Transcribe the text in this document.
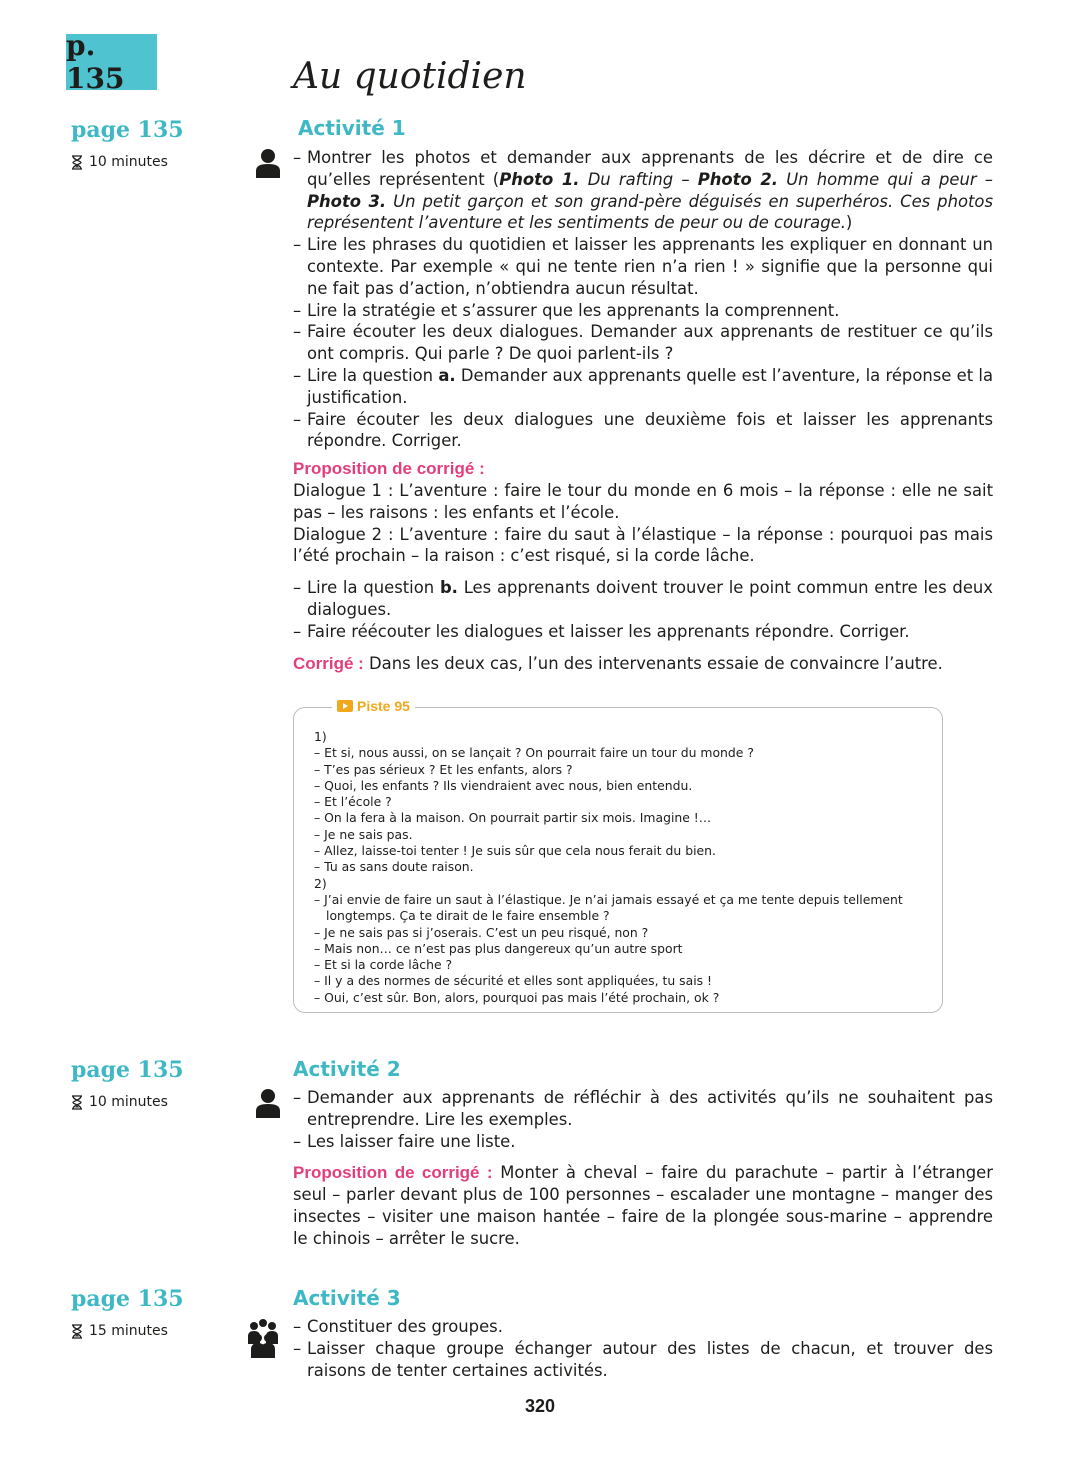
p. 135	Au quotidien
page 135
10 minutes
Activité 1
– Montrer les photos et demander aux apprenants de les décrire et de dire ce qu’elles représentent (Photo 1. Du rafting – Photo 2. Un homme qui a peur – Photo 3. Un petit garçon et son grand-père déguisés en superhéros. Ces photos représentent l’aventure et les sentiments de peur ou de courage.)
– Lire les phrases du quotidien et laisser les apprenants les expliquer en donnant un contexte. Par exemple « qui ne tente rien n’a rien ! » signifie que la personne qui ne fait pas d’action, n’obtiendra aucun résultat.
– Lire la stratégie et s’assurer que les apprenants la comprennent.
– Faire écouter les deux dialogues. Demander aux apprenants de restituer ce qu’ils ont compris. Qui parle ? De quoi parlent-ils ?
– Lire la question a. Demander aux apprenants quelle est l’aventure, la réponse et la justification.
– Faire écouter les deux dialogues une deuxième fois et laisser les apprenants répondre. Corriger.

Proposition de corrigé :

Dialogue 1 : L’aventure : faire le tour du monde en 6 mois – la réponse : elle ne sait pas – les raisons : les enfants et l’école.

Dialogue 2 : L’aventure : faire du saut à l’élastique – la réponse : pourquoi pas mais l’été prochain – la raison : c’est risqué, si la corde lâche.

– Lire la question b. Les apprenants doivent trouver le point commun entre les deux dialogues.
– Faire réécouter les dialogues et laisser les apprenants répondre. Corriger.

Corrigé : Dans les deux cas, l’un des intervenants essaie de convaincre l’autre.

Piste 95
1)
– Et si, nous aussi, on se lançait ? On pourrait faire un tour du monde ?
– T’es pas sérieux ? Et les enfants, alors ?
– Quoi, les enfants ? Ils viendraient avec nous, bien entendu.
– Et l’école ?
– On la fera à la maison. On pourrait partir six mois. Imagine !…
– Je ne sais pas.
– Allez, laisse-toi tenter ! Je suis sûr que cela nous ferait du bien.
– Tu as sans doute raison.
2)
– J’ai envie de faire un saut à l’élastique. Je n’ai jamais essayé et ça me tente depuis tellement longtemps. Ça te dirait de le faire ensemble ?
– Je ne sais pas si j’oserais. C’est un peu risqué, non ?
– Mais non… ce n’est pas plus dangereux qu’un autre sport
– Et si la corde lâche ?
– Il y a des normes de sécurité et elles sont appliquées, tu sais !
– Oui, c’est sûr. Bon, alors, pourquoi pas mais l’été prochain, ok ?
page 135
10 minutes
Activité 2
– Demander aux apprenants de réfléchir à des activités qu’ils ne souhaitent pas entreprendre. Lire les exemples.
– Les laisser faire une liste.

Proposition de corrigé : Monter à cheval – faire du parachute – partir à l’étranger seul – parler devant plus de 100 personnes – escalader une montagne – manger des insectes – visiter une maison hantée – faire de la plongée sous-marine – apprendre le chinois – arrêter le sucre.

page 135
15 minutes
Activité 3
– Constituer des groupes.
– Laisser chaque groupe échanger autour des listes de chacun, et trouver des raisons de tenter certaines activités.
320
